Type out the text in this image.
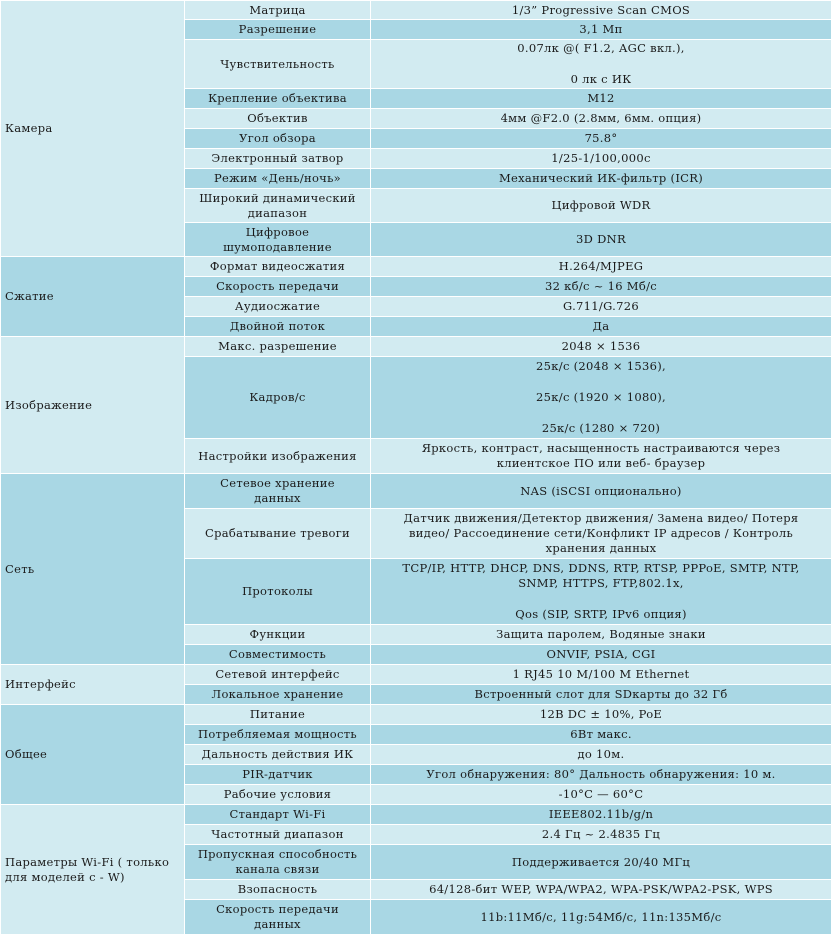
Камера	Матрица	1/3” Progressive Scan CMOS

	Разрешение	3,1 Мп

	Чувствительность	0.07лк @( F1.2, AGC вкл.),
0 лк с ИК

	Крепление объектива	M12

	Объектив	4мм @F2.0 (2.8мм, 6мм. опция)

	Угол обзора	75.8°

	Электронный затвор	1/25-1/100,000с

	Режим «День/ночь»	Механический ИК-фильтр (ICR)

	Широкий динамический
диапазон	Цифровой WDR

	Цифровое
шумоподавление	3D DNR

Сжатие	Формат видеосжатия	H.264/MJPEG

	Скорость передачи	32 кб/с ~ 16 Мб/с

	Аудиосжатие	G.711/G.726

	Двойной поток	Да

Изображение	Макс. разрешение	2048 × 1536

	Кадров/с	25к/с (2048 × 1536),
25к/с (1920 × 1080),
25к/с (1280 × 720)

	Настройки изображения	Яркость, контраст, насыщенность настраиваются через
клиентское ПО или веб- браузер

Сеть	Сетевое хранение
данных	NAS (iSCSI опционально)

	Срабатывание тревоги	Датчик движения/Детектор движения/ Замена видео/ Потеря
видео/ Рассоединение сети/Конфликт IP адресов / Контроль
хранения данных

	Протоколы	TCP/IP, HTTP, DHCP, DNS, DDNS, RTP, RTSP, PPPoE, SMTP, NTP,
SNMP, HTTPS, FTP,802.1x,
Qos (SIP, SRTP, IPv6 опция)

	Функции	Защита паролем, Водяные знаки

	Совместимость	ONVIF, PSIA, CGI

Интерфейс	Сетевой интерфейс	1 RJ45 10 M/100 M Ethernet

	Локальное хранение	Встроенный слот для SDкарты до 32 Гб

Общее	Питание	12В DC ± 10%, PoE

	Потребляемая мощность	6Вт макс.

	Дальность действия ИК	до 10м.

	PIR-датчик	Угол обнаружения: 80° Дальность обнаружения: 10 м.

	Рабочие условия	-10°C — 60°C

Параметры Wi-Fi ( только для моделей с - W)	Стандарт Wi-Fi	IEEE802.11b/g/n

	Частотный диапазон	2.4 Гц ~ 2.4835 Гц

	Пропускная способность
канала связи	Поддерживается 20/40 МГц

	Взопасность	64/128-бит WEP, WPA/WPA2, WPA-PSK/WPA2-PSK, WPS

	Скорость передачи
данных	11b:11Мб/с, 11g:54Мб/с, 11n:135Мб/с
